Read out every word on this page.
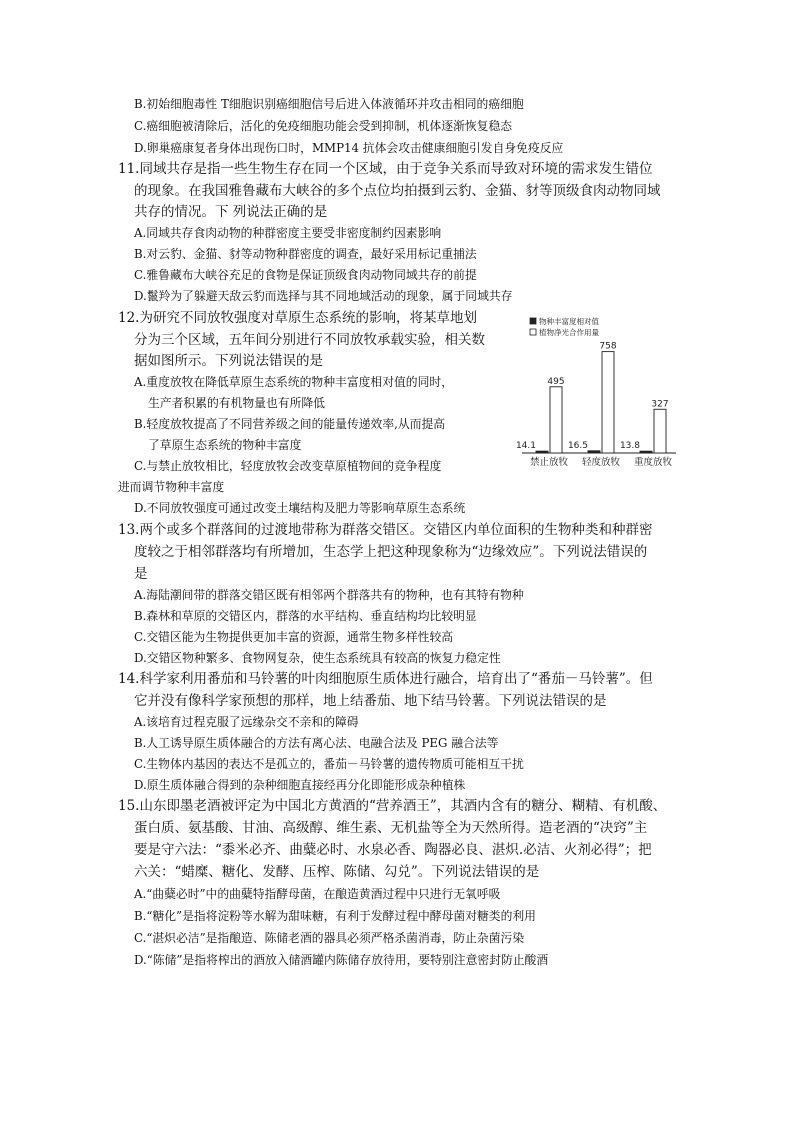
B.初始细胞毒性 T细胞识别癌细胞信号后进入体液循环并攻击相同的癌细胞
C.癌细胞被清除后，活化的免疫细胞功能会受到抑制，机体逐渐恢复稳态
D.卵巢癌康复者身体出现伤口时，MMP14 抗体会攻击健康细胞引发自身免疫反应
11.同域共存是指一些生物生存在同一个区域，由于竞争关系而导致对环境的需求发生错位
的现象。在我国雅鲁藏布大峡谷的多个点位均拍摄到云豹、金猫、豺等顶级食肉动物同域
共存的情况。下 列说法正确的是
A.同域共存食肉动物的种群密度主要受非密度制约因素影响
B.对云豹、金猫、豺等动物种群密度的调查，最好采用标记重捕法
C.雅鲁藏布大峡谷充足的食物是保证顶级食肉动物同域共存的前提
D.鬣羚为了躲避天敌云豹而选择与其不同地域活动的现象，属于同域共存
12.为研究不同放牧强度对草原生态系统的影响，将某草地划
分为三个区域，五年间分别进行不同放牧承载实验，相关数
据如图所示。下列说法错误的是
A.重度放牧在降低草原生态系统的物种丰富度相对值的同时，
生产者积累的有机物量也有所降低
B.轻度放牧提高了不同营养级之间的能量传递效率,从而提高
了草原生态系统的物种丰富度
C.与禁止放牧相比，轻度放牧会改变草原植物间的竞争程度
进而调节物种丰富度
D.不同放牧强度可通过改变土壤结构及肥力等影响草原生态系统
13.两个或多个群落间的过渡地带称为群落交错区。交错区内单位面积的生物种类和种群密
度较之于相邻群落均有所增加，生态学上把这种现象称为“边缘效应”。下列说法错误的
是
A.海陆潮间带的群落交错区既有相邻两个群落共有的物种，也有其特有物种
B.森林和草原的交错区内，群落的水平结构、垂直结构均比较明显
C.交错区能为生物提供更加丰富的资源，通常生物多样性较高
D.交错区物种繁多、食物网复杂，使生态系统具有较高的恢复力稳定性
14.科学家利用番茄和马铃薯的叶肉细胞原生质体进行融合，培育出了“番茄－马铃薯”。但
它并没有像科学家预想的那样，地上结番茄、地下结马铃薯。下列说法错误的是
A.该培育过程克服了远缘杂交不亲和的障碍
B.人工诱导原生质体融合的方法有离心法、电融合法及 PEG 融合法等
C.生物体内基因的表达不是孤立的，番茄－马铃薯的遗传物质可能相互干扰
D.原生质体融合得到的杂种细胞直接经再分化即能形成杂种植株
15.山东即墨老酒被评定为中国北方黄酒的“营养酒王”，其酒内含有的糖分、糊精、有机酸、
蛋白质、氨基酸、甘油、高级醇、维生素、无机盐等全为天然所得。造老酒的“决窍”主
要是守六法：“黍米必齐、曲糵必时、水泉必香、陶器必良、湛炽.必洁、火剂必得”；把
六关：“蜡糜、糖化、发酵、压榨、陈储、勾兑”。下列说法错误的是
A.“曲糵必时”中的曲糵特指酵母菌，在酿造黄酒过程中只进行无氧呼吸
B.“糖化”是指将淀粉等水解为甜味糖，有利于发酵过程中酵母菌对糖类的利用
C.“湛炽必洁”是指酿造、陈储老酒的器具必须严格杀菌消毒，防止杂菌污染
D.“陈储”是指将榨出的酒放入储酒罐内陈储存放待用，要特别注意密封防止酸酒
物种丰富度相对值
植物净光合作用量
14.1
495
禁止放牧
16.5
758
轻度放牧
13.8
327
重度放牧
